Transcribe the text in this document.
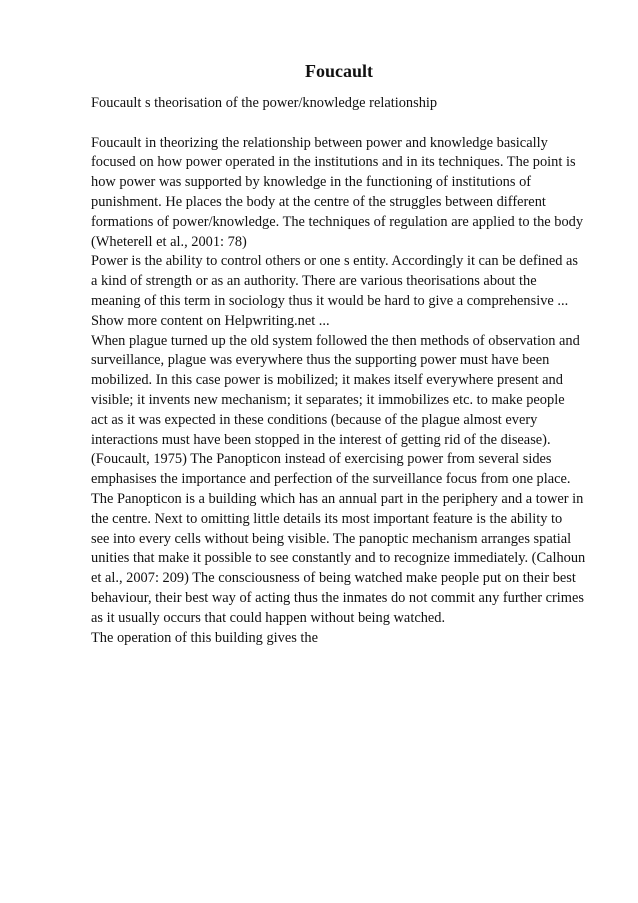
Foucault
Foucault s theorisation of the power/knowledge relationship
Foucault in theorizing the relationship between power and knowledge basically
focused on how power operated in the institutions and in its techniques. The point is
how power was supported by knowledge in the functioning of institutions of
punishment. He places the body at the centre of the struggles between different
formations of power/knowledge. The techniques of regulation are applied to the body
(Wheterell et al., 2001: 78)
Power is the ability to control others or one s entity. Accordingly it can be defined as
a kind of strength or as an authority. There are various theorisations about the
meaning of this term in sociology thus it would be hard to give a comprehensive ...
Show more content on Helpwriting.net ...
When plague turned up the old system followed the then methods of observation and
surveillance, plague was everywhere thus the supporting power must have been
mobilized. In this case power is mobilized; it makes itself everywhere present and
visible; it invents new mechanism; it separates; it immobilizes etc. to make people
act as it was expected in these conditions (because of the plague almost every
interactions must have been stopped in the interest of getting rid of the disease).
(Foucault, 1975) The Panopticon instead of exercising power from several sides
emphasises the importance and perfection of the surveillance focus from one place.
The Panopticon is a building which has an annual part in the periphery and a tower in
the centre. Next to omitting little details its most important feature is the ability to
see into every cells without being visible. The panoptic mechanism arranges spatial
unities that make it possible to see constantly and to recognize immediately. (Calhoun
et al., 2007: 209) The consciousness of being watched make people put on their best
behaviour, their best way of acting thus the inmates do not commit any further crimes
as it usually occurs that could happen without being watched.
The operation of this building gives the
